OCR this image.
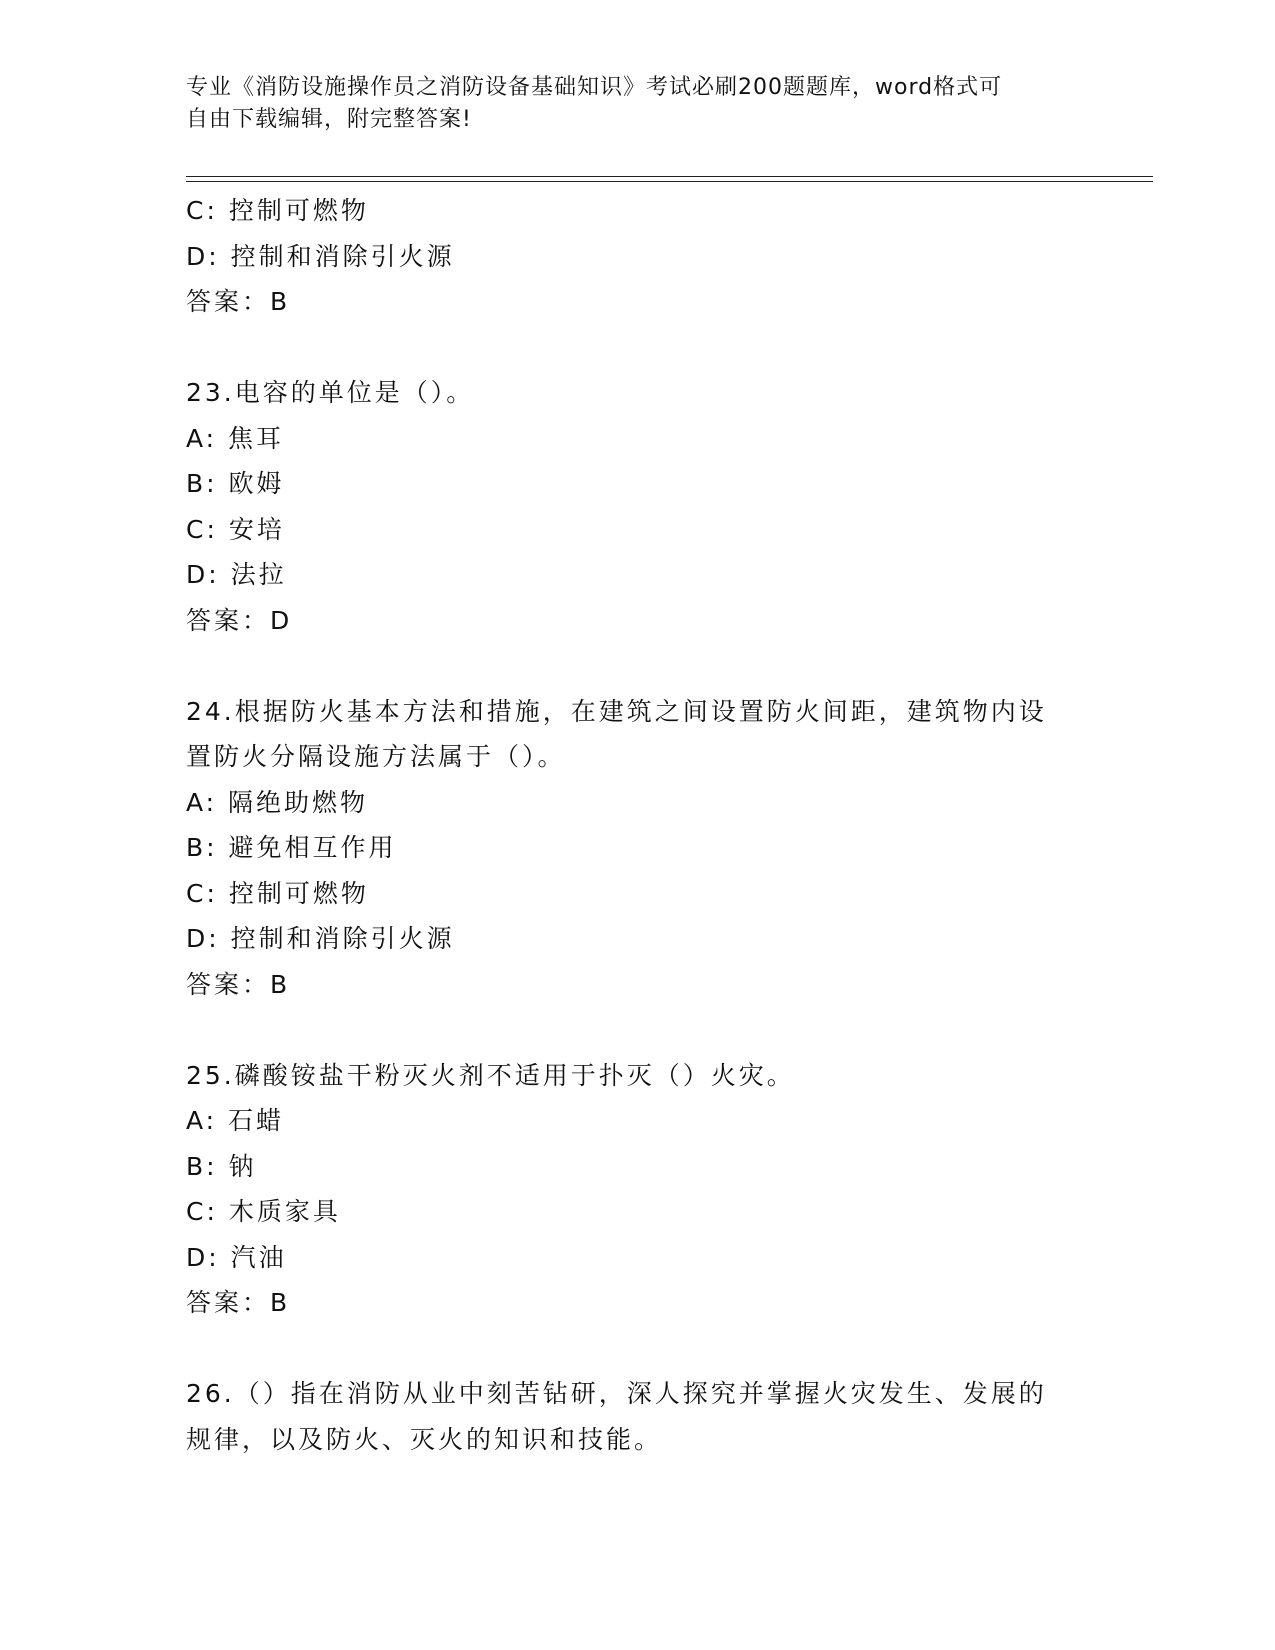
专业《消防设施操作员之消防设备基础知识》考试必刷200题题库，word格式可
自由下载编辑，附完整答案!
C: 控制可燃物
D: 控制和消除引火源
答案：B
23.电容的单位是（）。
A: 焦耳
B: 欧姆
C: 安培
D: 法拉
答案：D
24.根据防火基本方法和措施，在建筑之间设置防火间距，建筑物内设
置防火分隔设施方法属于（）。
A: 隔绝助燃物
B: 避免相互作用
C: 控制可燃物
D: 控制和消除引火源
答案：B
25.磷酸铵盐干粉灭火剂不适用于扑灭（）火灾。
A: 石蜡
B: 钠
C: 木质家具
D: 汽油
答案：B
26.（）指在消防从业中刻苦钻研，深人探究并掌握火灾发生、发展的
规律，以及防火、灭火的知识和技能。
